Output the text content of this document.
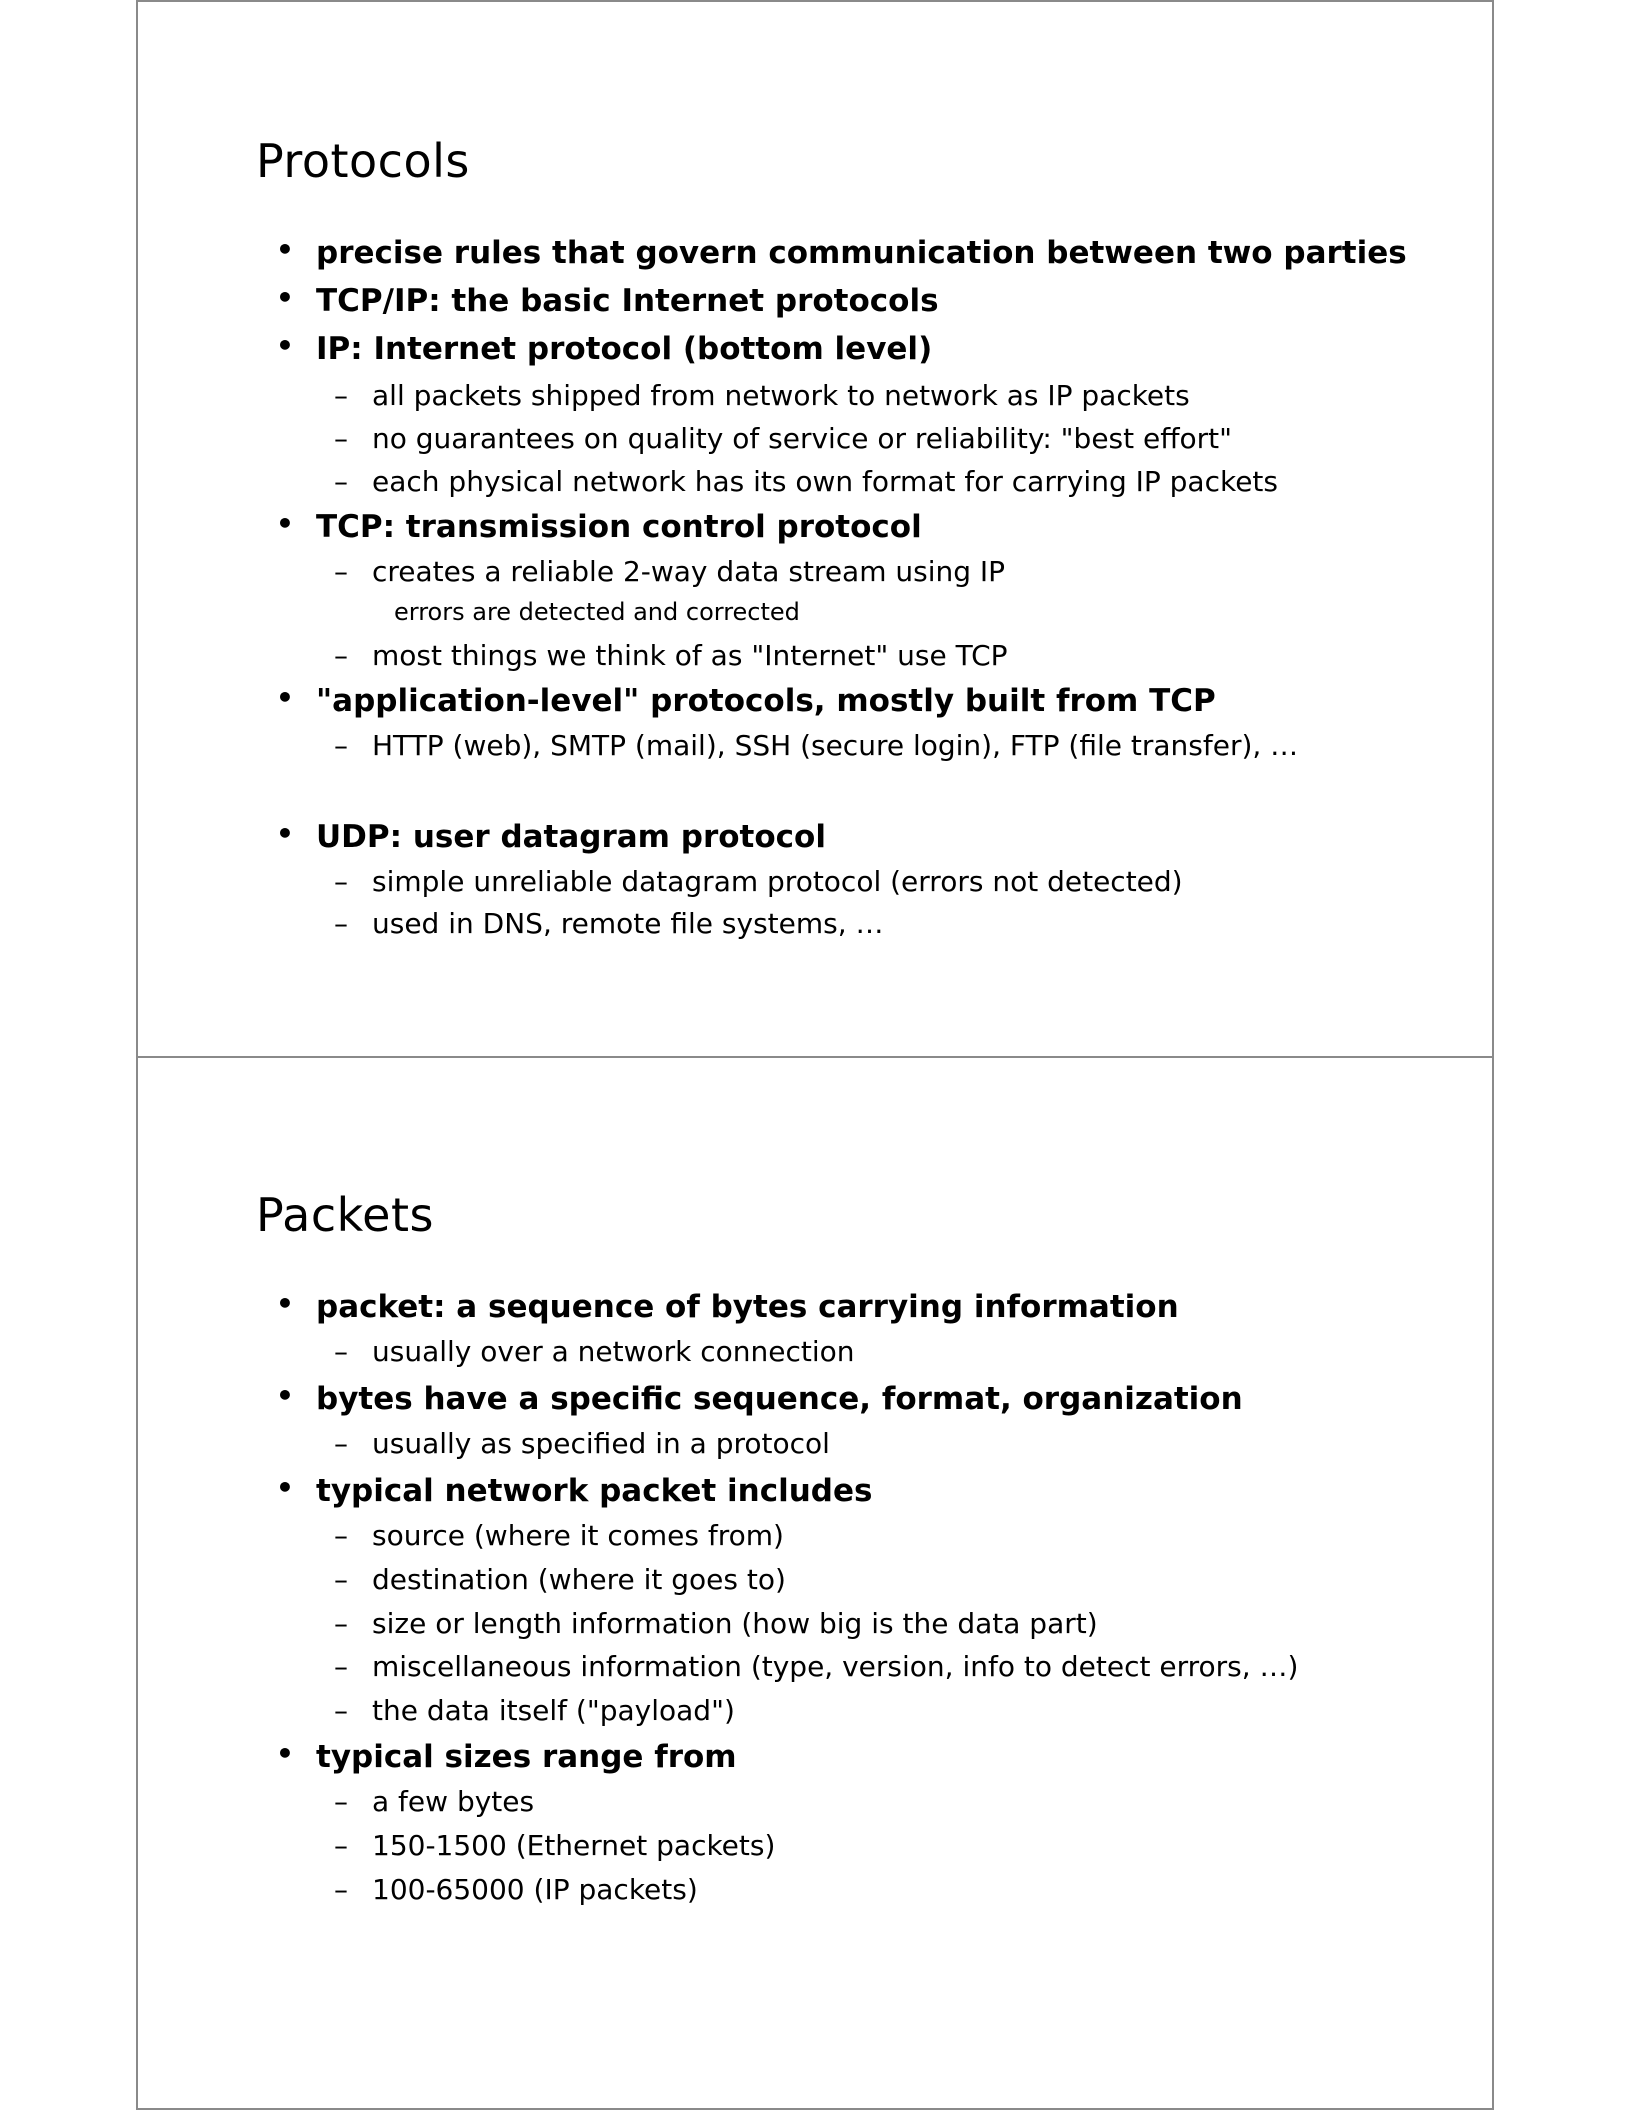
Protocols
• precise rules that govern communication between two parties
• TCP/IP: the basic Internet protocols
• IP: Internet protocol (bottom level)
– all packets shipped from network to network as IP packets
– no guarantees on quality of service or reliability: "best effort"
– each physical network has its own format for carrying IP packets
• TCP: transmission control protocol
– creates a reliable 2-way data stream using IP
errors are detected and corrected
– most things we think of as "Internet" use TCP
• "application-level" protocols, mostly built from TCP
– HTTP (web), SMTP (mail), SSH (secure login), FTP (file transfer), …
• UDP: user datagram protocol
– simple unreliable datagram protocol (errors not detected)
– used in DNS, remote file systems, …
Packets
• packet: a sequence of bytes carrying information
– usually over a network connection
• bytes have a specific sequence, format, organization
– usually as specified in a protocol
• typical network packet includes
– source (where it comes from)
– destination (where it goes to)
– size or length information (how big is the data part)
– miscellaneous information (type, version, info to detect errors, …)
– the data itself ("payload")
• typical sizes range from
– a few bytes
– 150-1500 (Ethernet packets)
– 100-65000 (IP packets)
